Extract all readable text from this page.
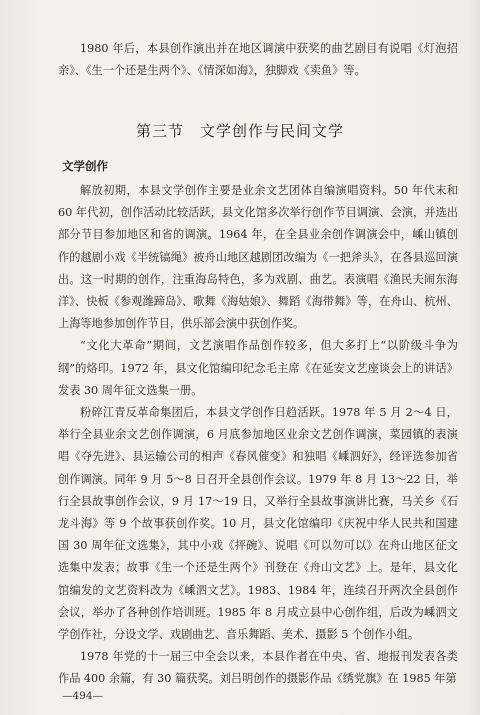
1980 年后，本县创作演出并在地区调演中获奖的曲艺剧目有说唱《灯泡招亲》、《生一个还是生两个》、《情深如海》，独脚戏《卖鱼》等。

第三节　文学创作与民间文学
文学创作

解放初期，本县文学创作主要是业余文艺团体自编演唱资料。50 年代末和 60 年代初，创作活动比较活跃，县文化馆多次举行创作节目调演、会演，并选出部分节目参加地区和省的调演。1964 年，在全县业余创作调演会中，嵊山镇创作的越剧小戏《半统镐绳》被舟山地区越剧团改编为《一把斧头》，在各县巡回演出。这一时期的创作，注重海岛特色，多为戏剧、曲艺。表演唱《渔民夫闹东海洋》、快板《参观潍蹄岛》、歌舞《海姑娘》、舞蹈《海带舞》等，在舟山、杭州、上海等地参加创作节目，供乐部会演中获创作奖。

“文化大革命”期间，文艺演唱作品创作较多，但大多打上“以阶级斗争为纲”的烙印。1972 年，县文化馆编印纪念毛主席《在延安文艺座谈会上的讲话》发表 30 周年征文选集一册。

粉碎江青反革命集团后，本县文学创作日趋活跃。1978 年 5 月 2～4 日，举行全县业余文艺创作调演，6 月底参加地区业余文艺创作调演，菜园镇的表演唱《夺先进》、县运输公司的相声《春风催变》和独唱《嵊泗好》，经评选参加省创作调演。同年 9 月 5～8 日召开全县创作会议。1979 年 8 月 13～22 日，举行全县故事创作会议，9 月 17～19 日，又举行全县故事演讲比赛，马关乡《石龙斗海》等 9 个故事获创作奖。10 月，县文化馆编印《庆祝中华人民共和国建国 30 周年征文选集》，其中小戏《抨碗》、说唱《可以勿可以》在舟山地区征文选集中发表；故事《生一个还是生两个》刊登在《舟山文艺》上。是年，县文化馆编发的文艺资料改为《嵊泗文艺》。1983、1984 年，连续召开两次全县创作会议，举办了各种创作培训班。1985 年 8 月成立县中心创作组，后改为嵊泗文学创作社，分设文学、戏剧曲艺、音乐舞蹈、美术、摄影 5 个创作小组。

1978 年党的十一届三中全会以来，本县作者在中央、省、地报刊发表各类作品 400 余篇，有 30 篇获奖。刘吕明创作的摄影作品《绣党旗》在 1985 年第

—494—
